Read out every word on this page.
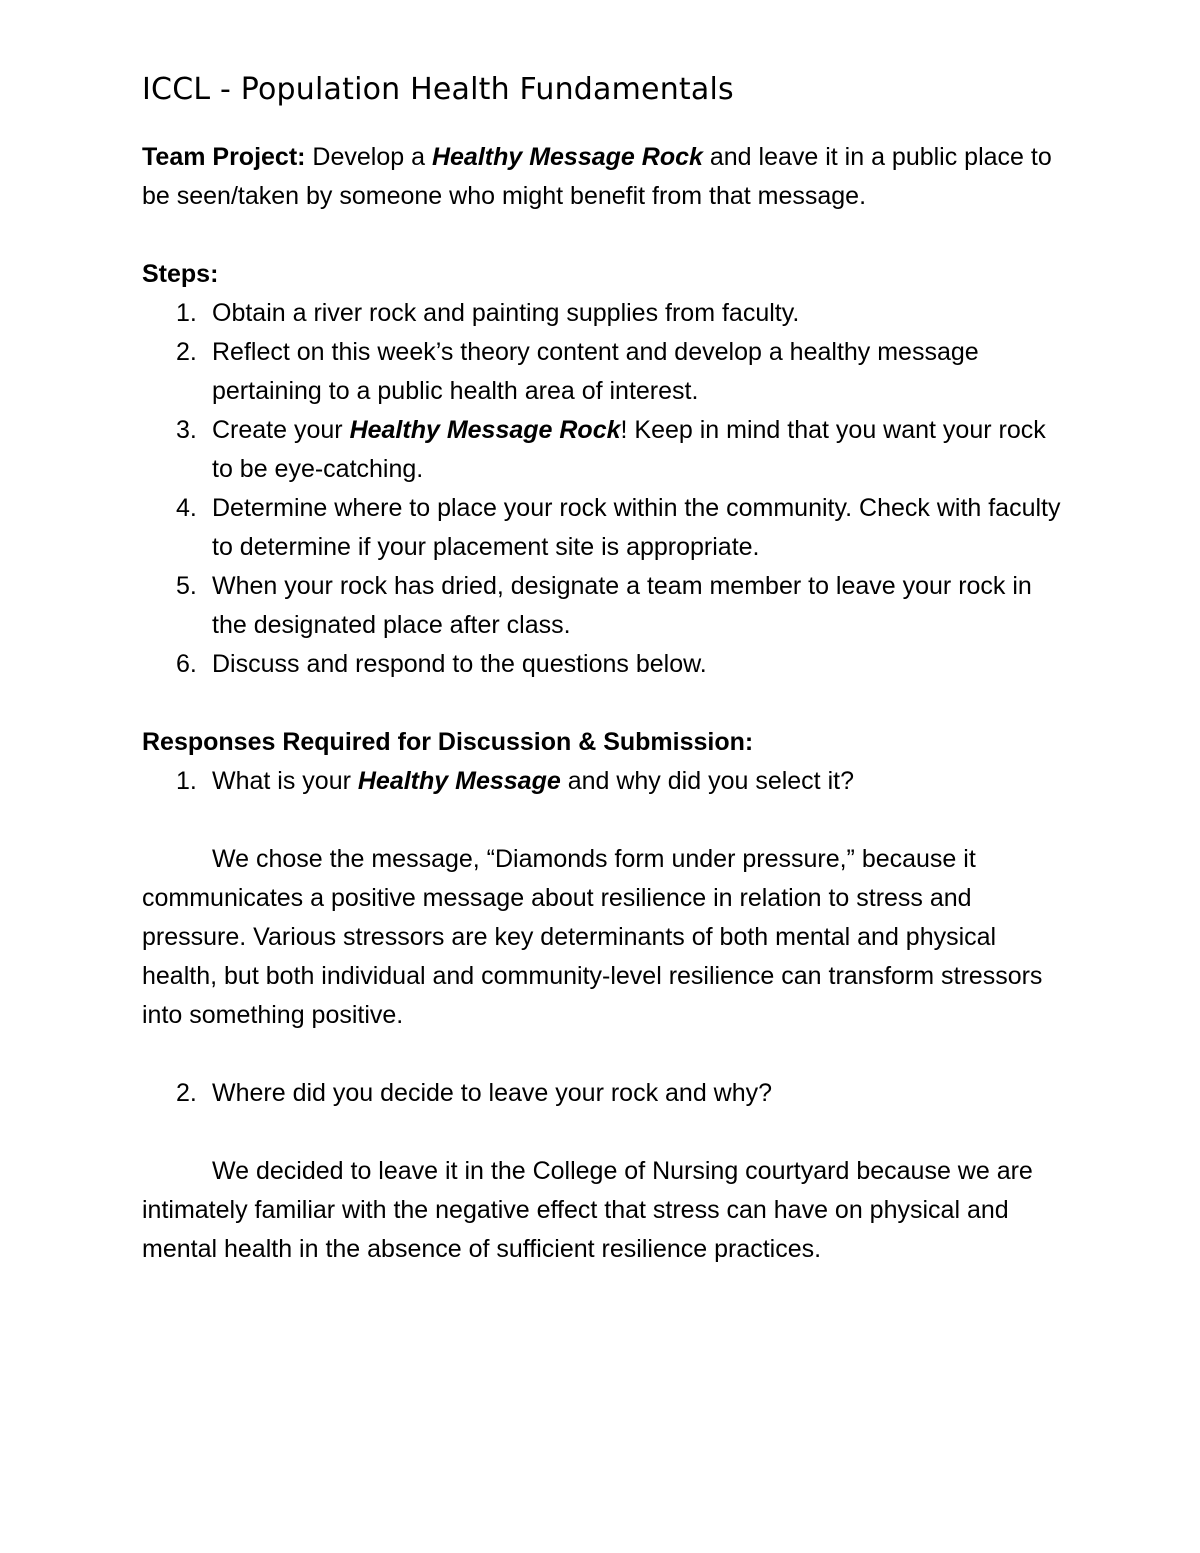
ICCL - Population Health Fundamentals

Team Project: Develop a Healthy Message Rock and leave it in a public place to be seen/taken by someone who might benefit from that message.

Steps:

1. Obtain a river rock and painting supplies from faculty.
2. Reflect on this week’s theory content and develop a healthy message pertaining to a public health area of interest.
3. Create your Healthy Message Rock! Keep in mind that you want your rock to be eye-catching.
4. Determine where to place your rock within the community. Check with faculty to determine if your placement site is appropriate.
5. When your rock has dried, designate a team member to leave your rock in the designated place after class.
6. Discuss and respond to the questions below.

Responses Required for Discussion & Submission:

1. What is your Healthy Message and why did you select it?

We chose the message, “Diamonds form under pressure,” because it communicates a positive message about resilience in relation to stress and pressure. Various stressors are key determinants of both mental and physical health, but both individual and community-level resilience can transform stressors into something positive.

2. Where did you decide to leave your rock and why?

We decided to leave it in the College of Nursing courtyard because we are intimately familiar with the negative effect that stress can have on physical and mental health in the absence of sufficient resilience practices.
